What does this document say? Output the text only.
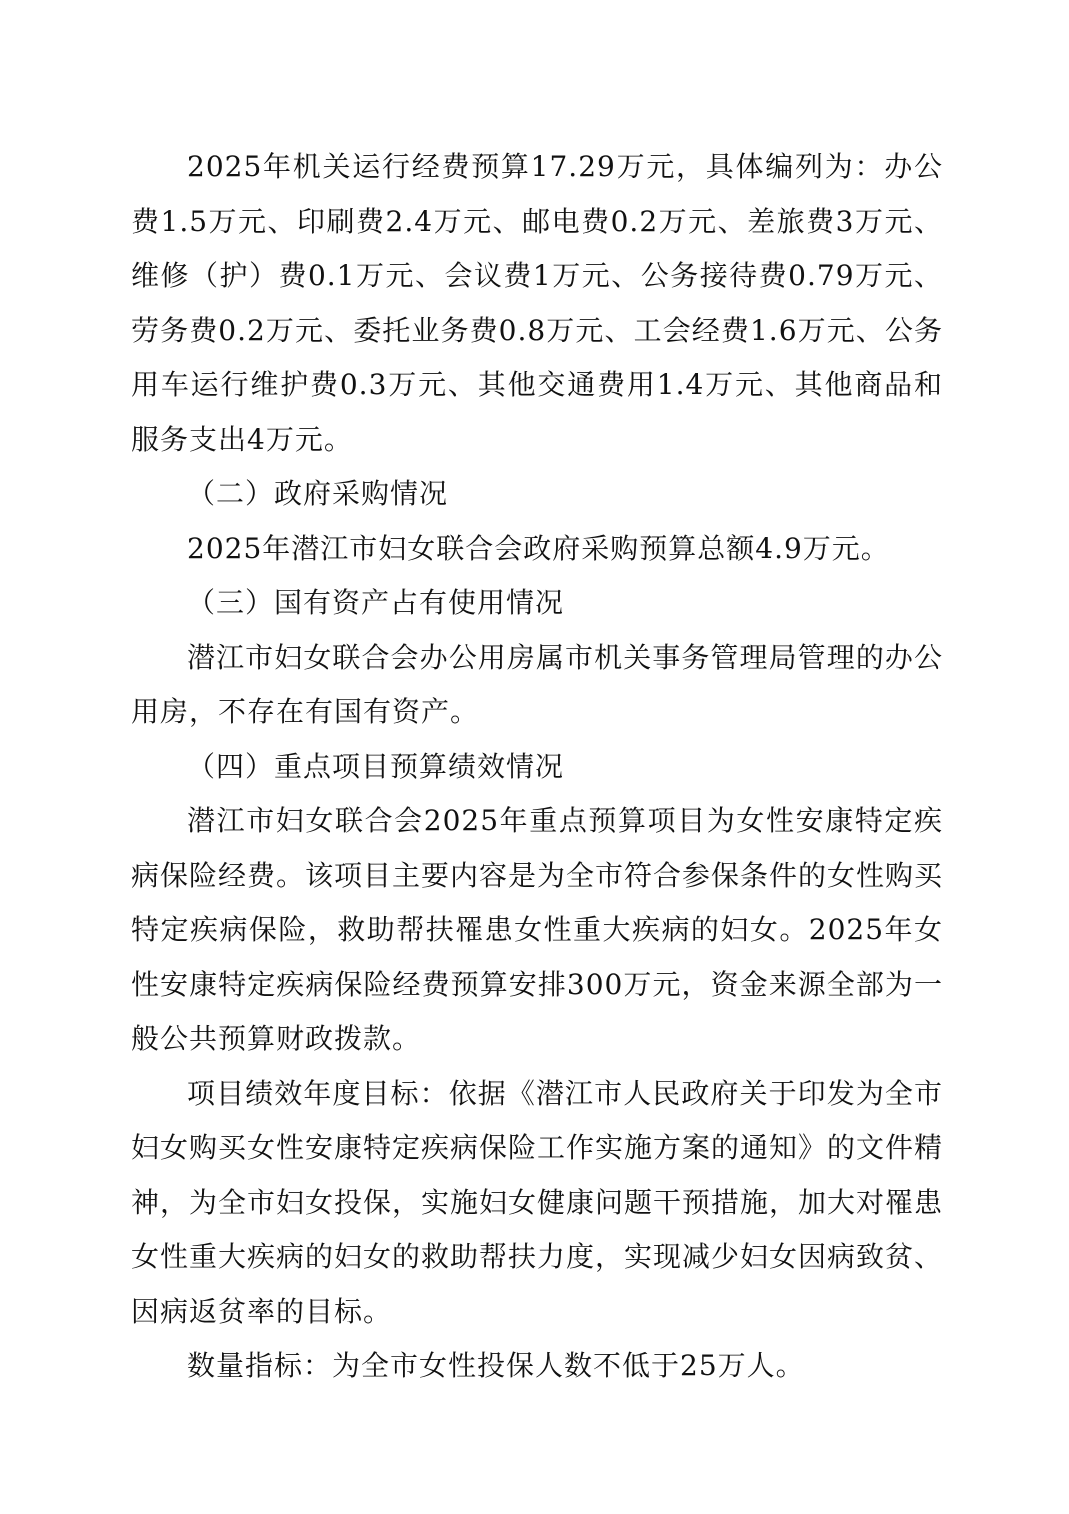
2025年机关运行经费预算17.29万元，具体编列为：办公费1.5万元、印刷费2.4万元、邮电费0.2万元、差旅费3万元、维修（护）费0.1万元、会议费1万元、公务接待费0.79万元、劳务费0.2万元、委托业务费0.8万元、工会经费1.6万元、公务用车运行维护费0.3万元、其他交通费用1.4万元、其他商品和服务支出4万元。

（二）政府采购情况

2025年潜江市妇女联合会政府采购预算总额4.9万元。

（三）国有资产占有使用情况

潜江市妇女联合会办公用房属市机关事务管理局管理的办公用房，不存在有国有资产。

（四）重点项目预算绩效情况

潜江市妇女联合会2025年重点预算项目为女性安康特定疾病保险经费。该项目主要内容是为全市符合参保条件的女性购买特定疾病保险，救助帮扶罹患女性重大疾病的妇女。2025年女性安康特定疾病保险经费预算安排300万元，资金来源全部为一般公共预算财政拨款。

项目绩效年度目标：依据《潜江市人民政府关于印发为全市妇女购买女性安康特定疾病保险工作实施方案的通知》的文件精神，为全市妇女投保，实施妇女健康问题干预措施，加大对罹患女性重大疾病的妇女的救助帮扶力度，实现减少妇女因病致贫、因病返贫率的目标。

数量指标：为全市女性投保人数不低于25万人。
